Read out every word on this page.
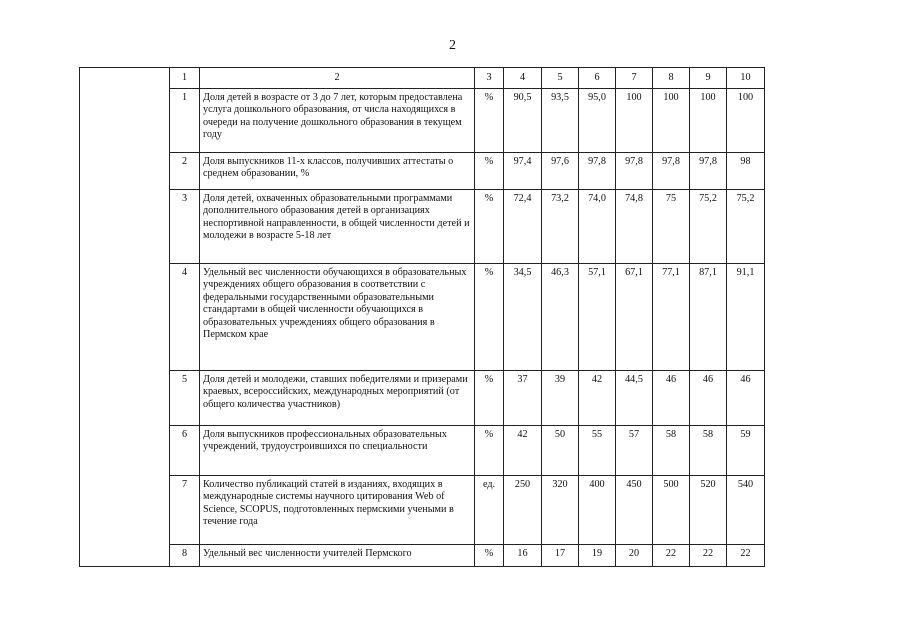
2
	1	2	3	4	5	6	7	8	9	10
	1	Доля детей в возрасте от 3 до 7 лет, которым предоставлена услуга дошкольного образования, от числа находящихся в очереди на получение дошкольного образования в текущем году	%	90,5	93,5	95,0	100	100	100	100
	2	Доля выпускников 11-х классов, получивших аттестаты о среднем образовании, %	%	97,4	97,6	97,8	97,8	97,8	97,8	98
	3	Доля детей, охваченных образовательными программами дополнительного образования детей в организациях неспортивной направленности, в общей численности детей и молодежи в возрасте 5-18 лет	%	72,4	73,2	74,0	74,8	75	75,2	75,2
	4	Удельный вес численности обучающихся в образовательных учреждениях общего образования в соответствии с федеральными государственными образовательными стандартами в общей численности обучающихся в образовательных учреждениях общего образования в Пермском крае	%	34,5	46,3	57,1	67,1	77,1	87,1	91,1
	5	Доля детей и молодежи, ставших победителями и призерами краевых, всероссийских, международных мероприятий (от общего количества участников)	%	37	39	42	44,5	46	46	46
	6	Доля выпускников профессиональных образовательных учреждений, трудоустроившихся по специальности	%	42	50	55	57	58	58	59
	7	Количество публикаций статей в изданиях, входящих в международные системы научного цитирования Web of Science, SCOPUS, подготовленных пермскими учеными в течение года	ед.	250	320	400	450	500	520	540
	8	Удельный вес численности учителей Пермского	%	16	17	19	20	22	22	22
